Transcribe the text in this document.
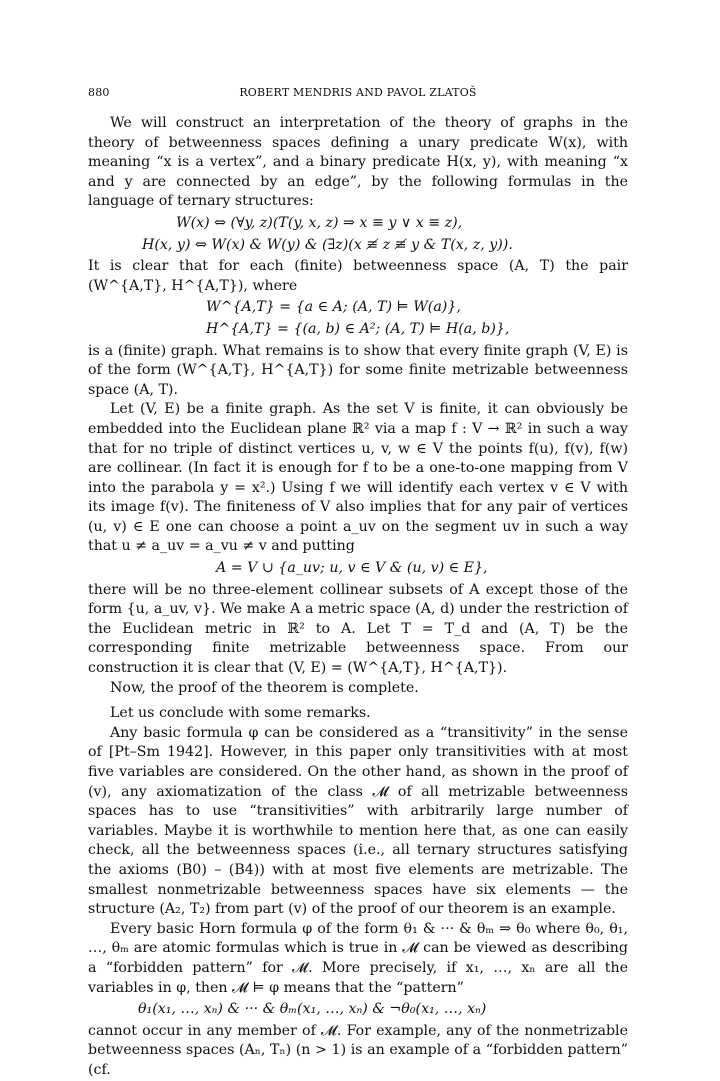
880	ROBERT MENDRIS AND PAVOL ZLATOŠ

We will construct an interpretation of the theory of graphs in the theory of betweenness spaces defining a unary predicate W(x), with meaning “x is a vertex”, and a binary predicate H(x, y), with meaning “x and y are connected by an edge”, by the following formulas in the language of ternary structures:

W(x) ⇔ (∀y, z)(T(y, x, z) ⇒ x ≡ y ∨ x ≡ z),
H(x, y) ⇔ W(x) & W(y) & (∃z)(x ≢ z ≢ y & T(x, z, y)).

It is clear that for each (finite) betweenness space (A, T) the pair (W^{A,T}, H^{A,T}), where

W^{A,T} = {a ∈ A; (A, T) ⊨ W(a)},
H^{A,T} = {(a, b) ∈ A²; (A, T) ⊨ H(a, b)},

is a (finite) graph. What remains is to show that every finite graph (V, E) is of the form (W^{A,T}, H^{A,T}) for some finite metrizable betweenness space (A, T).

Let (V, E) be a finite graph. As the set V is finite, it can obviously be embedded into the Euclidean plane ℝ² via a map f : V → ℝ² in such a way that for no triple of distinct vertices u, v, w ∈ V the points f(u), f(v), f(w) are collinear. (In fact it is enough for f to be a one-to-one mapping from V into the parabola y = x².) Using f we will identify each vertex v ∈ V with its image f(v). The finiteness of V also implies that for any pair of vertices (u, v) ∈ E one can choose a point a_uv on the segment uv in such a way that u ≠ a_uv = a_vu ≠ v and putting

A = V ∪ {a_uv; u, v ∈ V & (u, v) ∈ E},

there will be no three-element collinear subsets of A except those of the form {u, a_uv, v}. We make A a metric space (A, d) under the restriction of the Euclidean metric in ℝ² to A. Let T = T_d and (A, T) be the corresponding finite metrizable betweenness space. From our construction it is clear that (V, E) = (W^{A,T}, H^{A,T}).

Now, the proof of the theorem is complete.

Let us conclude with some remarks.

Any basic formula φ can be considered as a “transitivity” in the sense of [Pt–Sm 1942]. However, in this paper only transitivities with at most five variables are considered. On the other hand, as shown in the proof of (v), any axiomatization of the class 𝓜 of all metrizable betweenness spaces has to use “transitivities” with arbitrarily large number of variables. Maybe it is worthwhile to mention here that, as one can easily check, all the betweenness spaces (i.e., all ternary structures satisfying the axioms (B0) – (B4)) with at most five elements are metrizable. The smallest nonmetrizable betweenness spaces have six elements — the structure (A₂, T₂) from part (v) of the proof of our theorem is an example.

Every basic Horn formula φ of the form θ₁ & ··· & θₘ ⇒ θ₀ where θ₀, θ₁, …, θₘ are atomic formulas which is true in 𝓜 can be viewed as describing a “forbidden pattern” for 𝓜. More precisely, if x₁, …, xₙ are all the variables in φ, then 𝓜 ⊨ φ means that the “pattern”

θ₁(x₁, …, xₙ) & ··· & θₘ(x₁, …, xₙ) & ¬θ₀(x₁, …, xₙ)

cannot occur in any member of 𝓜. For example, any of the nonmetrizable betweenness spaces (Aₙ, Tₙ) (n > 1) is an example of a “forbidden pattern” (cf.
